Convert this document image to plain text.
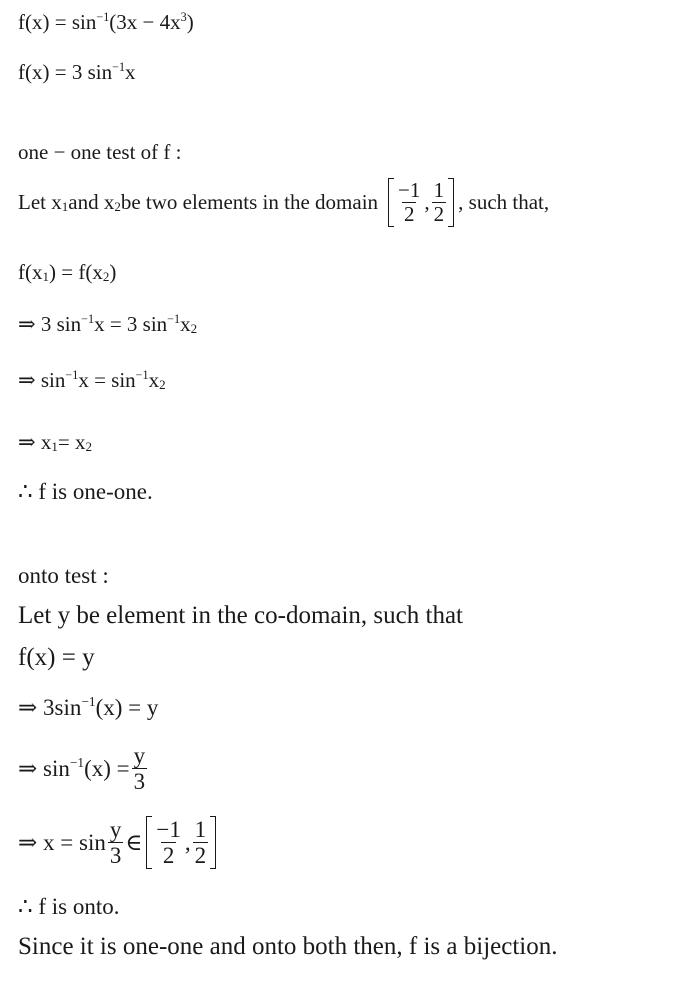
$f(x) = \sin^{-1} (3x - 4x^3$ )
f(x) = 3 $\sin^{-1} x$
one − one test of f :
Let $x_1$ and $x_2$ be two elements in the domain $\frac{-1}{2}$ , $\frac{1}{2}$ , such that,
$f(x_1$ ) = $f(x_2$ )
⇒ 3 $\sin^{-1} x = 3$ $\sin^{-1} x_2$
⇒ $\sin^{-1} x = \sin^{-1} x_2$
⇒ $x_1 = x_2$
∴ f is one-one.
onto test :
Let y be element in the co-domain, such that
f(x) = y
⇒ $3\sin^{-1}$ (x) = y
⇒ $\sin^{-1} (x) = \frac{y}{3}$
⇒ $x = \sin \frac{y}{3}$ ∈ $\frac{-1}{2}$ , $\frac{1}{2}$
∴ f is onto.
Since it is one-one and onto both then, f is a bijection.
